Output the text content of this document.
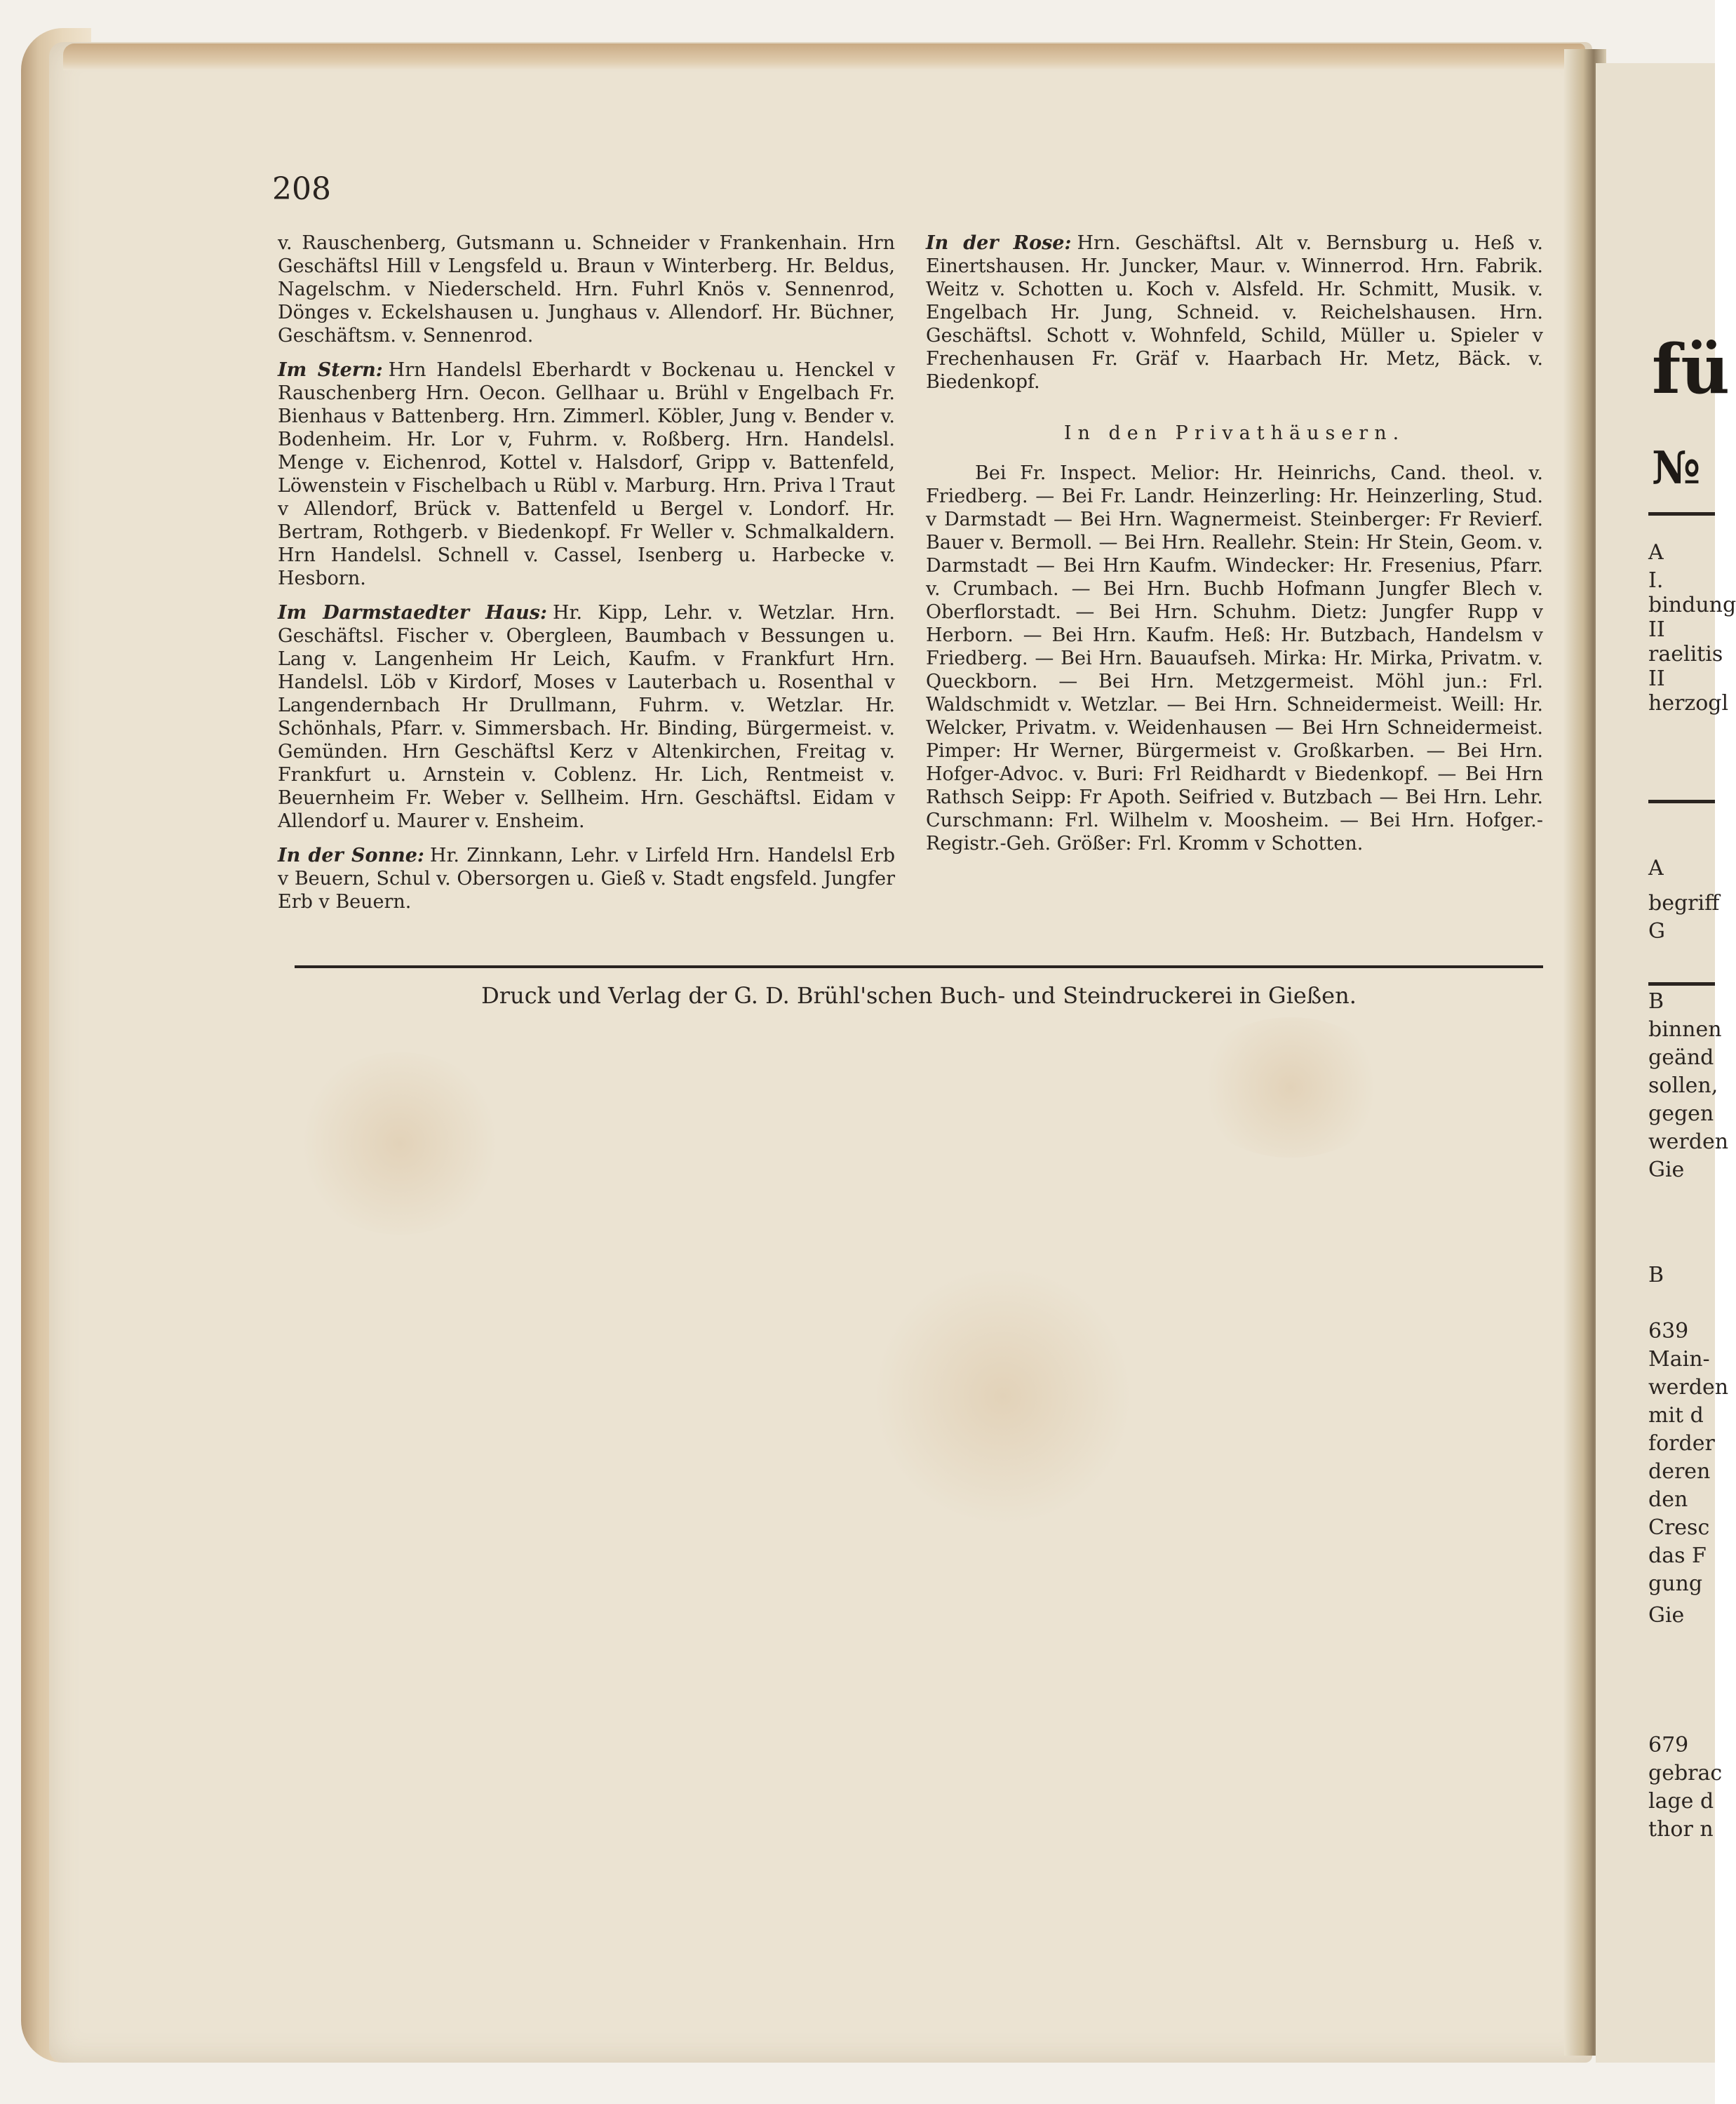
208

v. Rauschenberg, Gutsmann u. Schneider v Frankenhain. Hrn Geschäftsl Hill v Lengsfeld u. Braun v Winterberg. Hr. Beldus, Nagelschm. v Niederscheld. Hrn. Fuhrl Knös v. Sennenrod, Dönges v. Eckelshausen u. Junghaus v. Allendorf. Hr. Büchner, Geschäftsm. v. Sennenrod.

Im Stern: Hrn Handelsl Eberhardt v Bockenau u. Henckel v Rauschenberg Hrn. Oecon. Gellhaar u. Brühl v Engelbach Fr. Bienhaus v Battenberg. Hrn. Zimmerl. Köbler, Jung v. Bender v. Bodenheim. Hr. Lor v, Fuhrm. v. Roßberg. Hrn. Handelsl. Menge v. Eichenrod, Kottel v. Halsdorf, Gripp v. Battenfeld, Löwenstein v Fischelbach u Rübl v. Marburg. Hrn. Priva l Traut v Allendorf, Brück v. Battenfeld u Bergel v. Londorf. Hr. Bertram, Rothgerb. v Biedenkopf. Fr Weller v. Schmalkaldern. Hrn Handelsl. Schnell v. Cassel, Isenberg u. Harbecke v. Hesborn.

Im Darmstaedter Haus: Hr. Kipp, Lehr. v. Wetzlar. Hrn. Geschäftsl. Fischer v. Obergleen, Baumbach v Bessungen u. Lang v. Langenheim Hr Leich, Kaufm. v Frankfurt Hrn. Handelsl. Löb v Kirdorf, Moses v Lauterbach u. Rosenthal v Langendernbach Hr Drullmann, Fuhrm. v. Wetzlar. Hr. Schönhals, Pfarr. v. Simmersbach. Hr. Binding, Bürgermeist. v. Gemünden. Hrn Geschäftsl Kerz v Altenkirchen, Freitag v. Frankfurt u. Arnstein v. Coblenz. Hr. Lich, Rentmeist v. Beuernheim Fr. Weber v. Sellheim. Hrn. Geschäftsl. Eidam v Allendorf u. Maurer v. Ensheim.

In der Sonne: Hr. Zinnkann, Lehr. v Lirfeld Hrn. Handelsl Erb v Beuern, Schul v. Obersorgen u. Gieß v. Stadt engsfeld. Jungfer Erb v Beuern.

In der Rose: Hrn. Geschäftsl. Alt v. Bernsburg u. Heß v. Einertshausen. Hr. Juncker, Maur. v. Winnerrod. Hrn. Fabrik. Weitz v. Schotten u. Koch v. Alsfeld. Hr. Schmitt, Musik. v. Engelbach Hr. Jung, Schneid. v. Reichelshausen. Hrn. Geschäftsl. Schott v. Wohnfeld, Schild, Müller u. Spieler v Frechenhausen Fr. Gräf v. Haarbach Hr. Metz, Bäck. v. Biedenkopf.

In den Privathäusern.

Bei Fr. Inspect. Melior: Hr. Heinrichs, Cand. theol. v. Friedberg. — Bei Fr. Landr. Heinzerling: Hr. Heinzerling, Stud. v Darmstadt — Bei Hrn. Wagnermeist. Steinberger: Fr Revierf. Bauer v. Bermoll. — Bei Hrn. Reallehr. Stein: Hr Stein, Geom. v. Darmstadt — Bei Hrn Kaufm. Windecker: Hr. Fresenius, Pfarr. v. Crumbach. — Bei Hrn. Buchb Hofmann Jungfer Blech v. Oberflorstadt. — Bei Hrn. Schuhm. Dietz: Jungfer Rupp v Herborn. — Bei Hrn. Kaufm. Heß: Hr. Butzbach, Handelsm v Friedberg. — Bei Hrn. Bauaufseh. Mirka: Hr. Mirka, Privatm. v. Queckborn. — Bei Hrn. Metzgermeist. Möhl jun.: Frl. Waldschmidt v. Wetzlar. — Bei Hrn. Schneidermeist. Weill: Hr. Welcker, Privatm. v. Weidenhausen — Bei Hrn Schneidermeist. Pimper: Hr Werner, Bürgermeist v. Großkarben. — Bei Hrn. Hofger-Advoc. v. Buri: Frl Reidhardt v Biedenkopf. — Bei Hrn Rathsch Seipp: Fr Apoth. Seifried v. Butzbach — Bei Hrn. Lehr. Curschmann: Frl. Wilhelm v. Moosheim. — Bei Hrn. Hofger.-Registr.-Geh. Größer: Frl. Kromm v Schotten.

Druck und Verlag der G. D. Brühl'schen Buch- und Steindruckerei in Gießen.
fü
№
A
I.
bindung
II
raelitis
II
herzogl
A
begriff
G
B
binnen
geänd
sollen,
gegen
werden
Gie
B
639
Main-
werden
mit d
forder
deren
den
Cresc
das F
gung
Gie
679
gebrac
lage d
thor n
